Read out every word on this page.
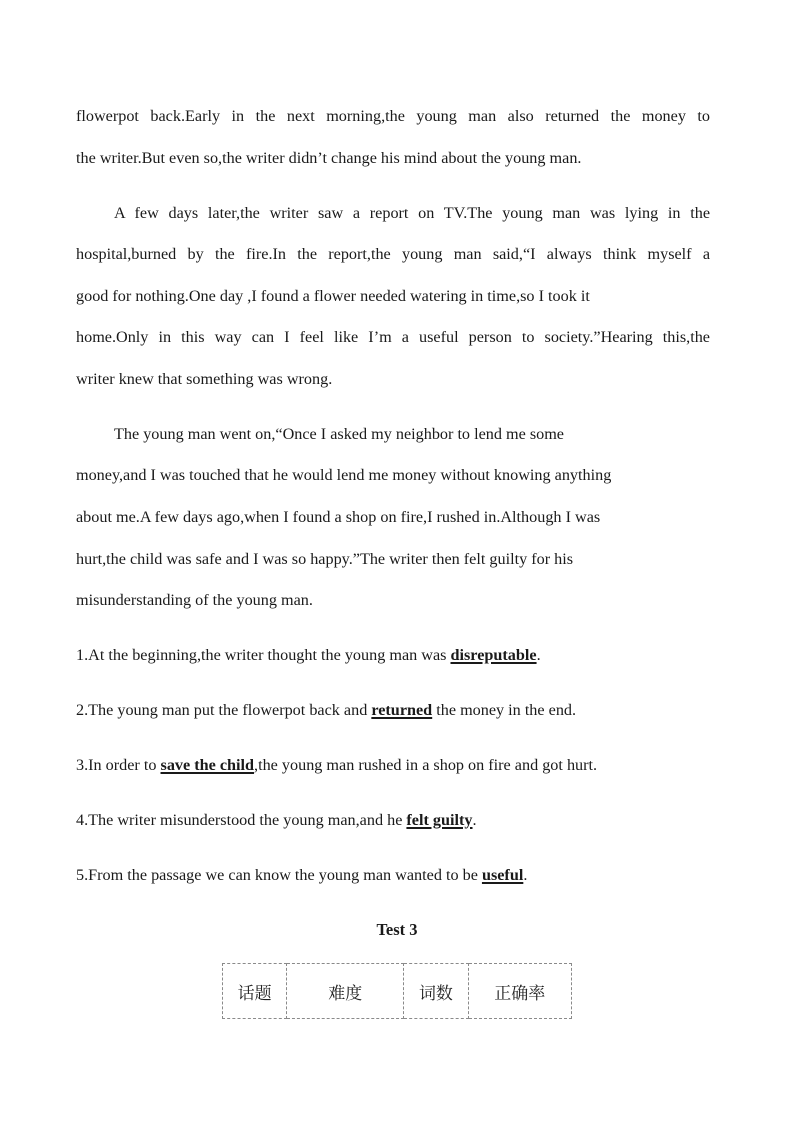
flowerpot back.Early in the next morning,the young man also returned the money to
the writer.But even so,the writer didn’t change his mind about the young man.
A few days later,the writer saw a report on TV.The young man was lying in the
hospital,burned by the fire.In the report,the young man said,“I always think myself a
good for nothing.One day ,I found a flower needed watering in time,so I took it
home.Only in this way can I feel like I’m a useful person to society.”Hearing this,the
writer knew that something was wrong.
The young man went on,“Once I asked my neighbor to lend me some
money,and I was touched that he would lend me money without knowing anything
about me.A few days ago,when I found a shop on fire,I rushed in.Although I was
hurt,the child was safe and I was so happy.”The writer then felt guilty for his
misunderstanding of the young man.
1.At the beginning,the writer thought the young man was disreputable.
2.The young man put the flowerpot back and returned the money in the end.
3.In order to save the child,the young man rushed in a shop on fire and got hurt.
4.The writer misunderstood the young man,and he felt guilty.
5.From the passage we can know the young man wanted to be useful.
Test 3
话题	难度	词数	正确率
